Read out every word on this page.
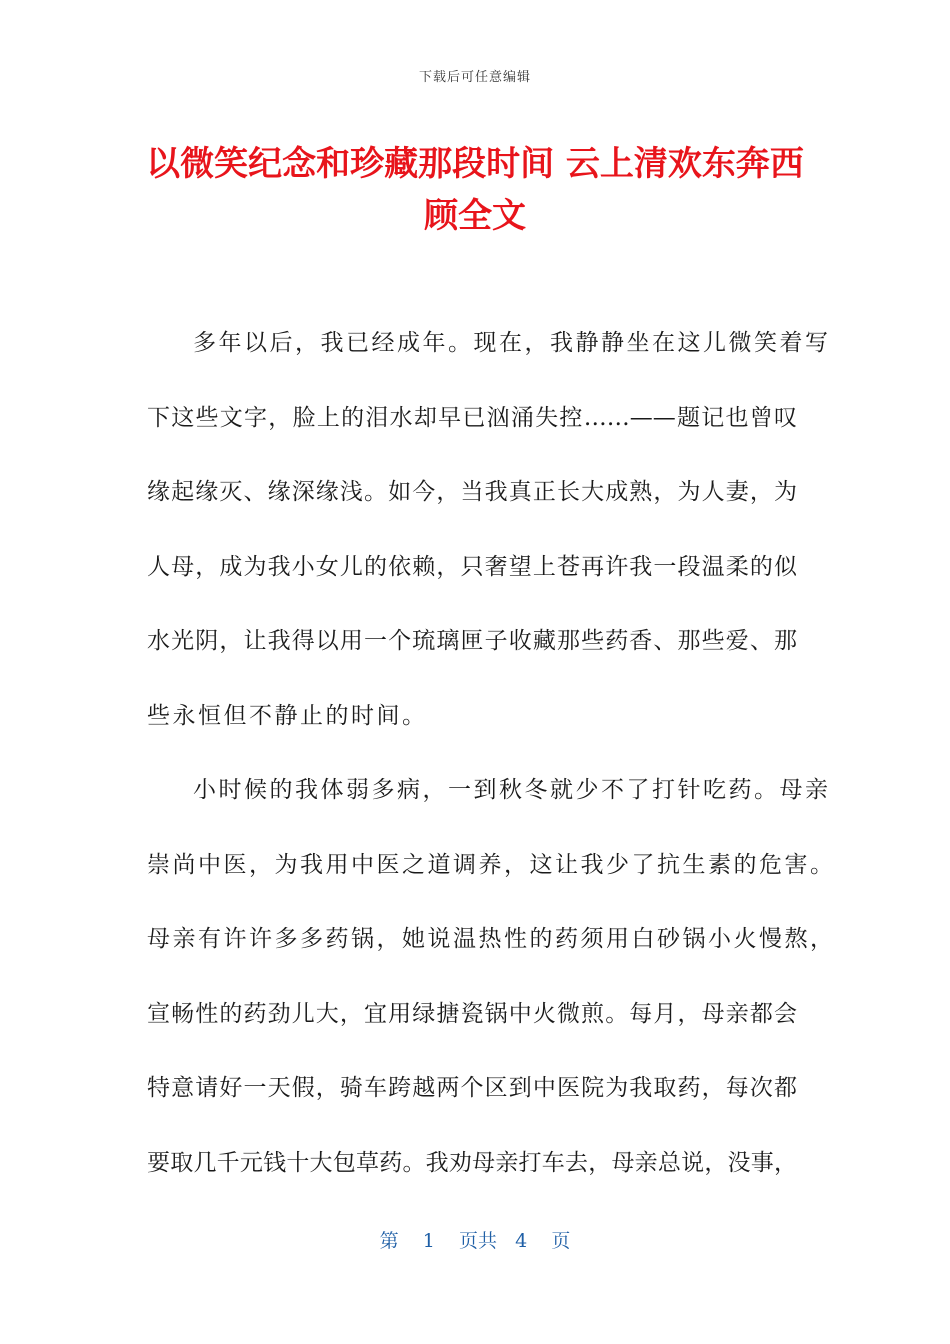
下载后可任意编辑
以微笑纪念和珍藏那段时间 云上清欢东奔西
顾全文
多年以后，我已经成年。现在，我静静坐在这儿微笑着写
下这些文字，脸上的泪水却早已汹涌失控……——题记也曾叹
缘起缘灭、缘深缘浅。如今，当我真正长大成熟，为人妻，为
人母，成为我小女儿的依赖，只奢望上苍再许我一段温柔的似
水光阴，让我得以用一个琉璃匣子收藏那些药香、那些爱、那
些永恒但不静止的时间。
小时候的我体弱多病，一到秋冬就少不了打针吃药。母亲
崇尚中医，为我用中医之道调养，这让我少了抗生素的危害。
母亲有许许多多药锅，她说温热性的药须用白砂锅小火慢熬，
宣畅性的药劲儿大，宜用绿搪瓷锅中火微煎。每月，母亲都会
特意请好一天假，骑车跨越两个区到中医院为我取药，每次都
要取几千元钱十大包草药。我劝母亲打车去，母亲总说，没事，
第 1 页共 4 页
